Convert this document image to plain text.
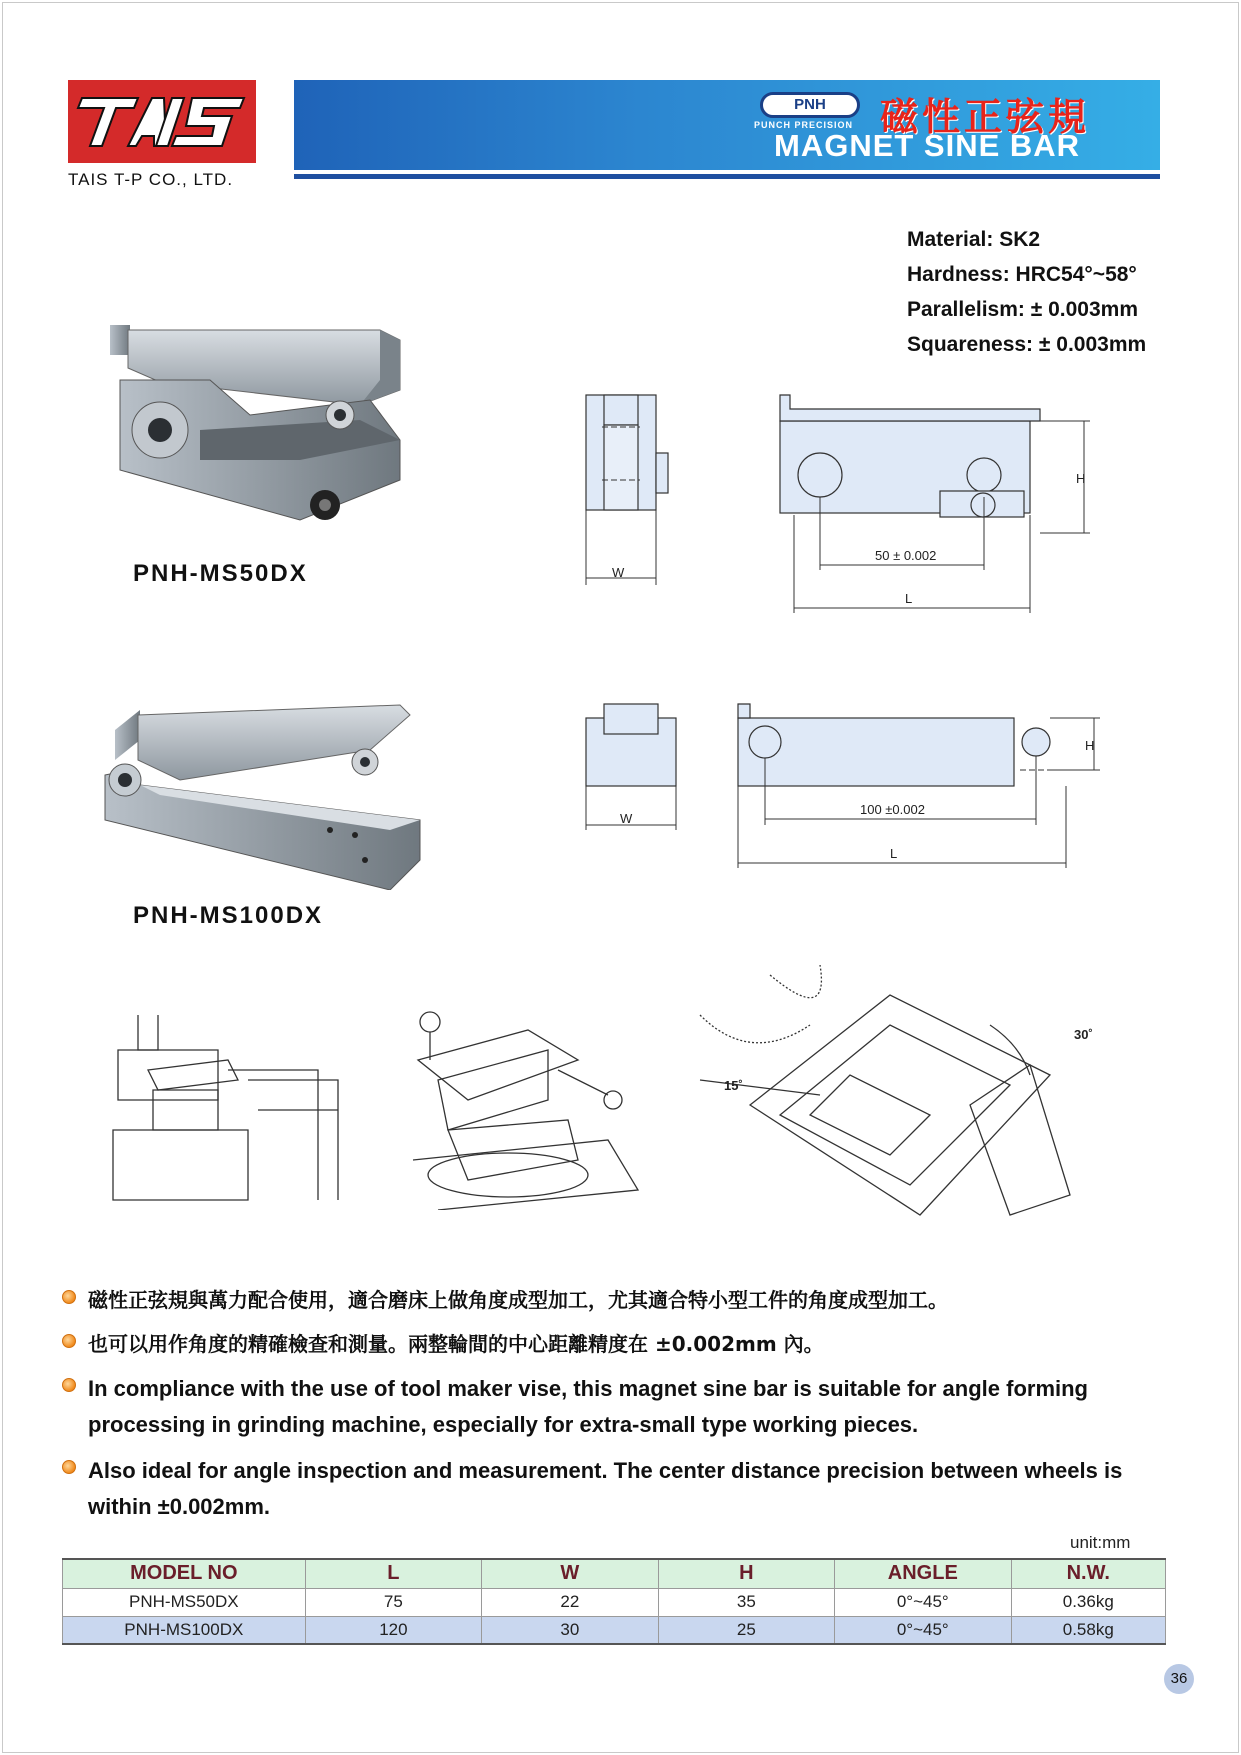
TAIS T-P CO., LTD.
PNH
PUNCH PRECISION 磁性正弦規
MAGNET SINE BAR
Material: SK2
Hardness: HRC54°~58°
Parallelism: ± 0.003mm
Squareness: ± 0.003mm
PNH-MS50DX
PNH-MS100DX
W
50 ± 0.002
L
H
W
100 ±0.002
L
H
30˚
15˚
磁性正弦規與萬力配合使用，適合磨床上做角度成型加工，尤其適合特小型工件的角度成型加工。
也可以用作角度的精確檢查和測量。兩整輪間的中心距離精度在 ±0.002mm 內。
In compliance with the use of tool maker vise, this magnet sine bar is suitable for angle forming processing in grinding machine, especially for extra-small type working pieces.
Also ideal for angle inspection and measurement. The center distance precision between wheels is within ±0.002mm.
unit:mm
MODEL NO	L	W	H	ANGLE	N.W.
PNH-MS50DX	75	22	35	0°~45°	0.36kg
PNH-MS100DX	120	30	25	0°~45°	0.58kg
36
